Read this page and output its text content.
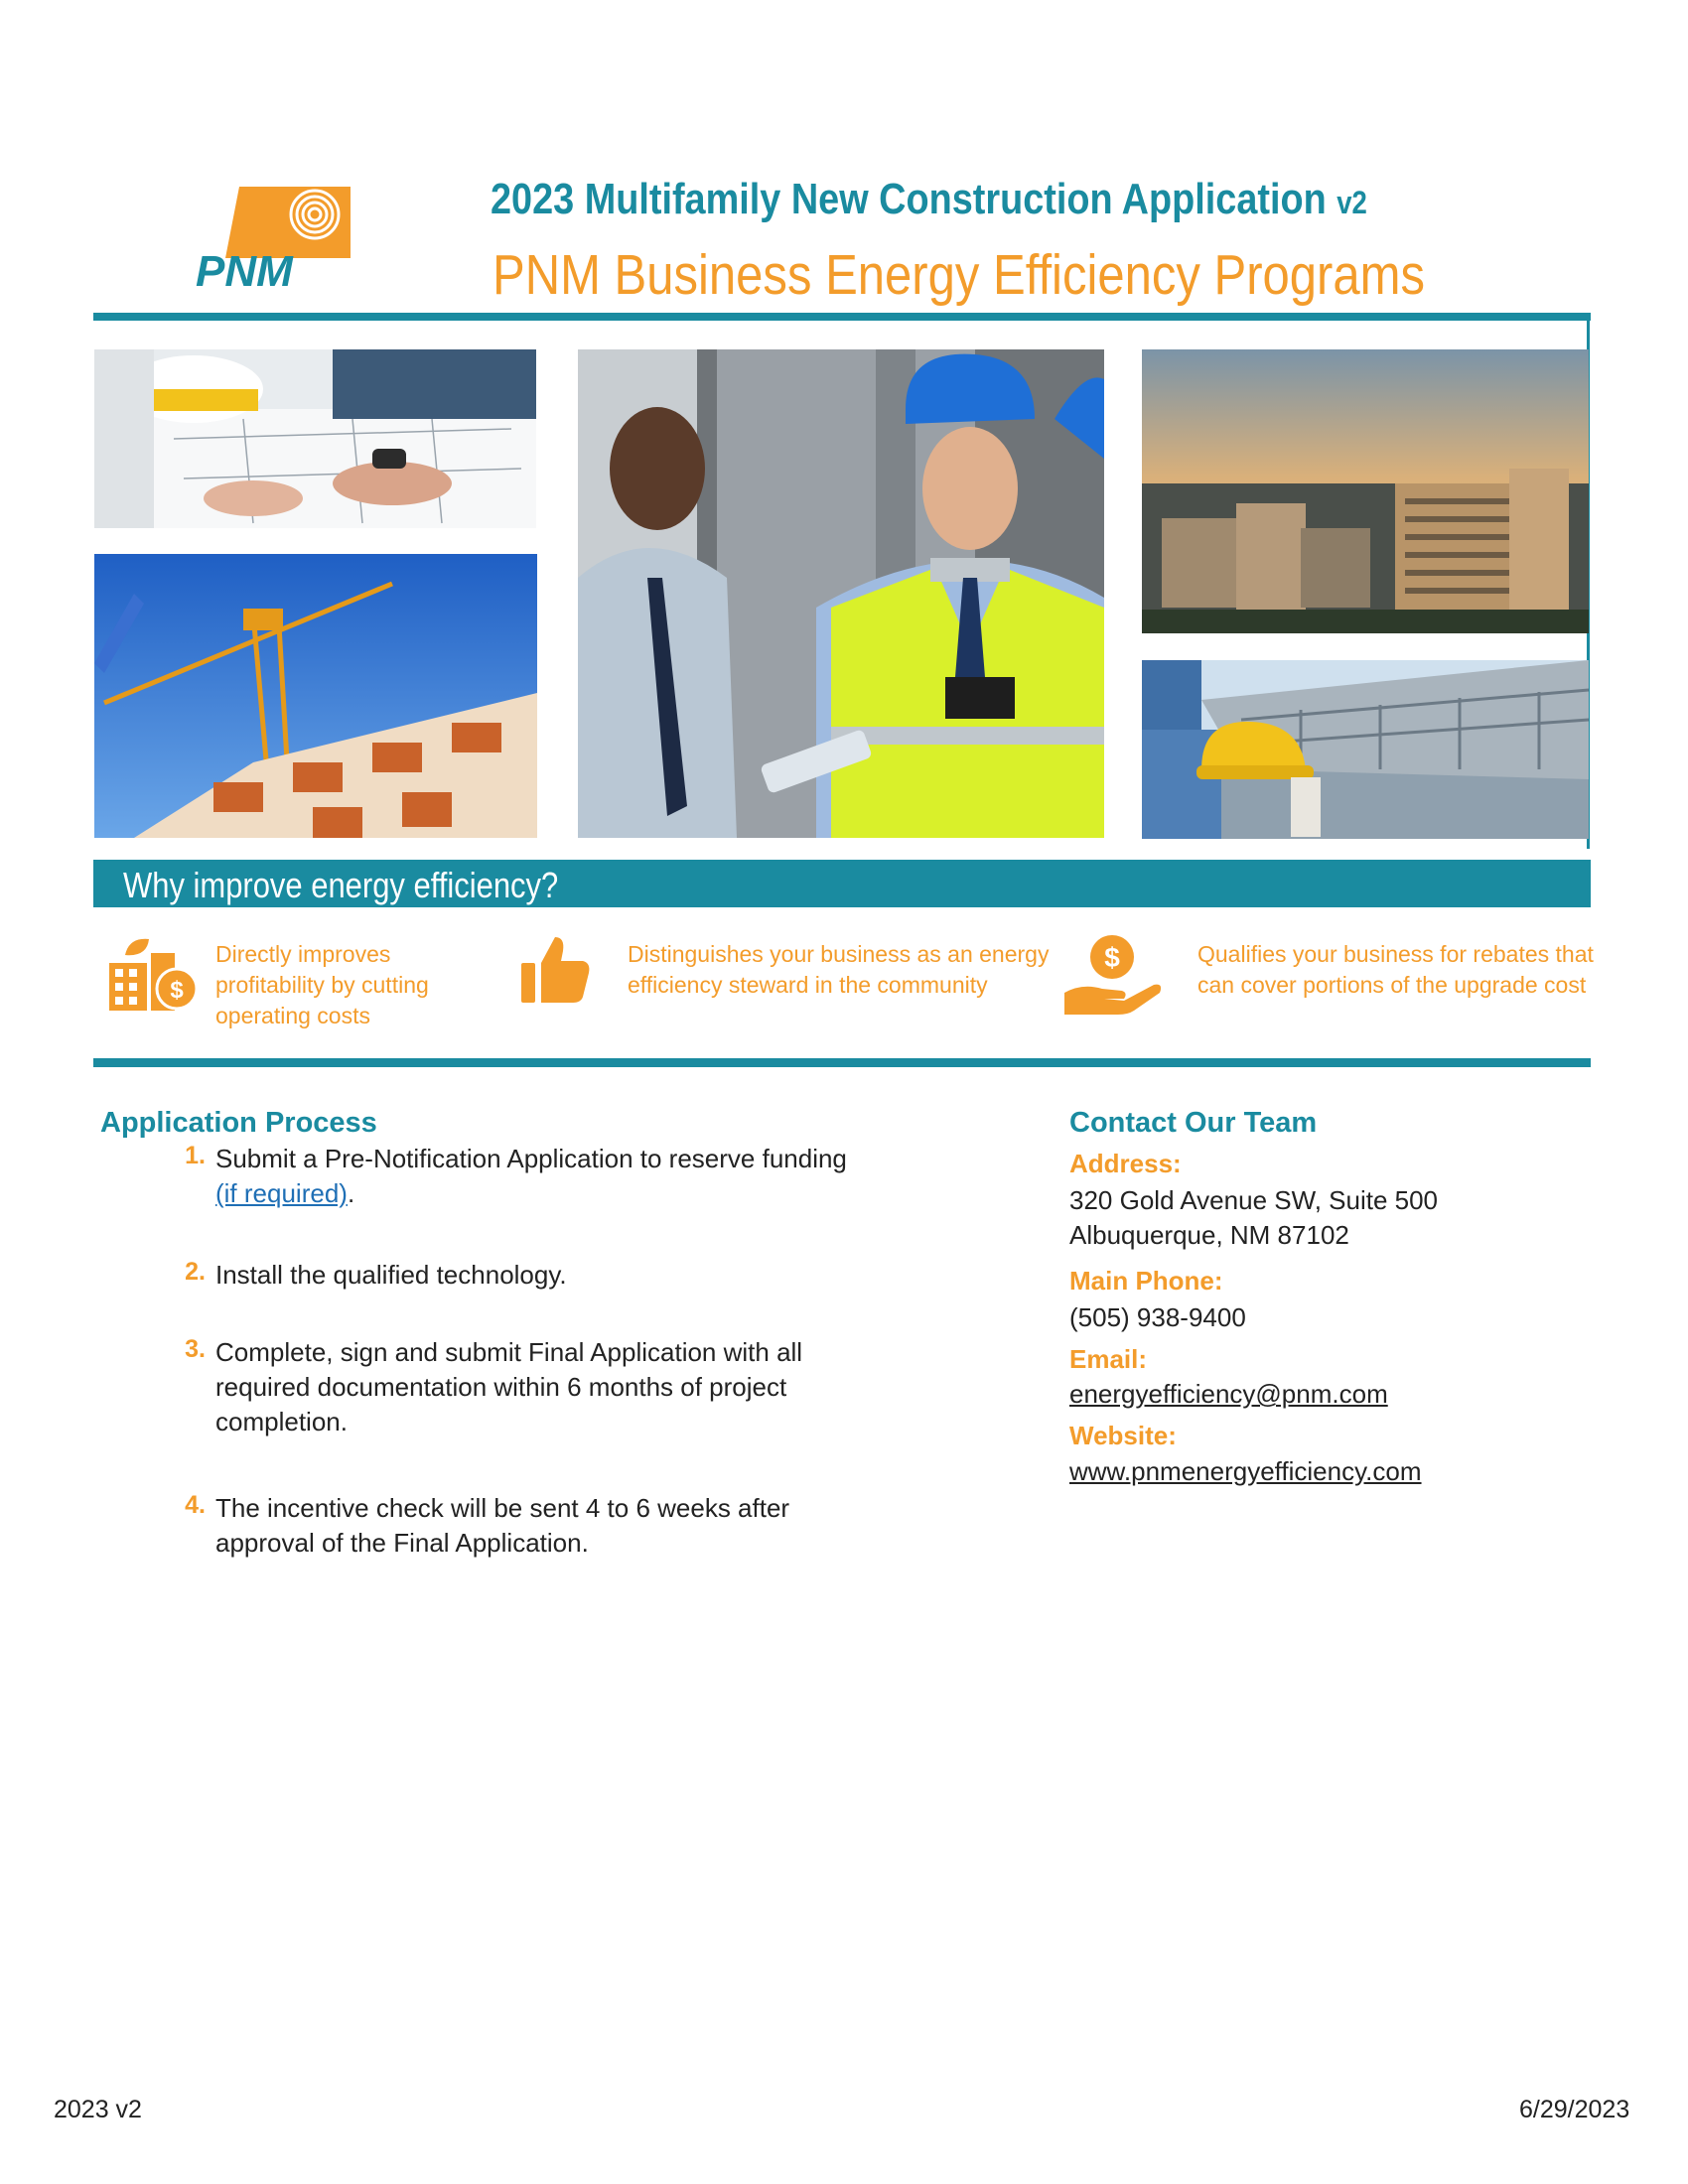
PNM
2023 Multifamily New Construction Application v2
PNM Business Energy Efficiency Programs
Why improve energy efficiency?
$
Directly improves profitability by cutting operating costs
Distinguishes your business as an energy efficiency steward in the community
$	Qualifies your business for rebates that can cover portions of the upgrade cost
Application Process
1. Submit a Pre-Notification Application to reserve funding
(if required).
2. Install the qualified technology.
3. Complete, sign and submit Final Application with all required documentation within 6 months of project completion.
4. The incentive check will be sent 4 to 6 weeks after approval of the Final Application.
Contact Our Team
Address:
320 Gold Avenue SW, Suite 500
Albuquerque, NM 87102
Main Phone:
(505) 938-9400
Email:
energyefficiency@pnm.com
Website:
www.pnmenergyefficiency.com
2023 v2	6/29/2023
